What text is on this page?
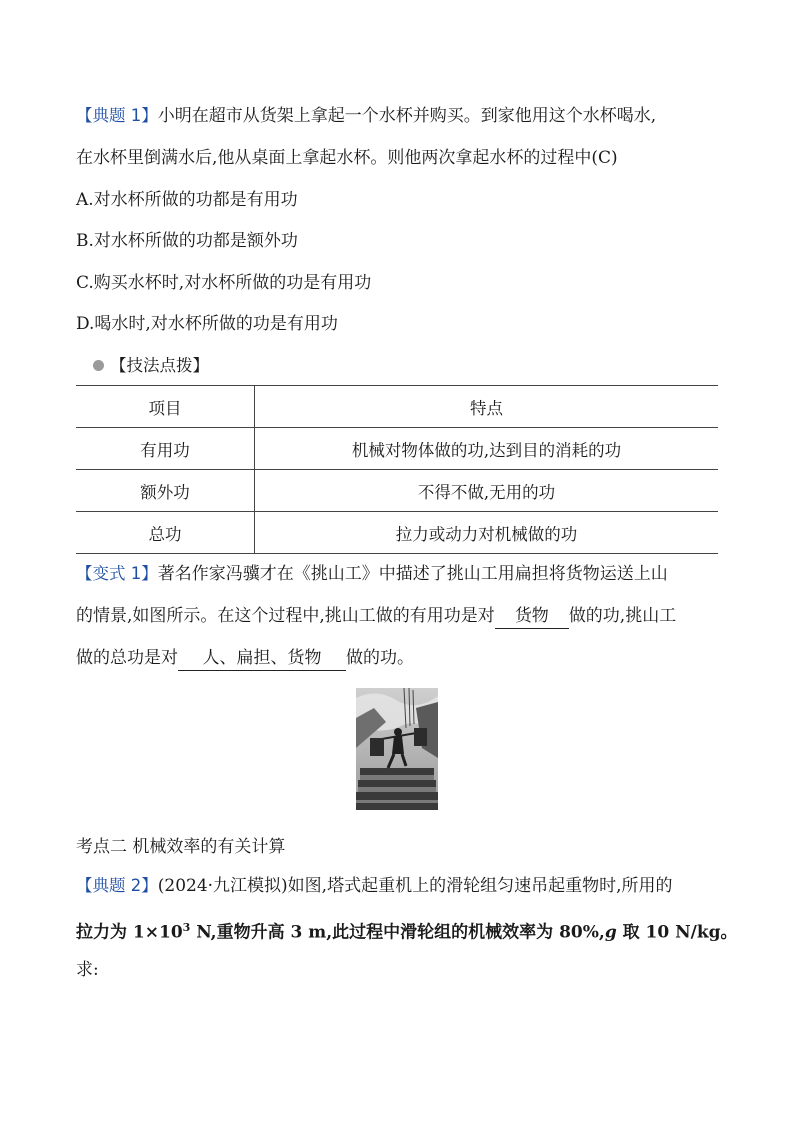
【典题 1】小明在超市从货架上拿起一个水杯并购买。到家他用这个水杯喝水,
在水杯里倒满水后,他从桌面上拿起水杯。则他两次拿起水杯的过程中(C)
A.对水杯所做的功都是有用功
B.对水杯所做的功都是额外功
C.购买水杯时,对水杯所做的功是有用功
D.喝水时,对水杯所做的功是有用功
【技法点拨】
项目	特点
有用功	机械对物体做的功,达到目的消耗的功
额外功	不得不做,无用的功
总功	拉力或动力对机械做的功
【变式 1】著名作家冯骥才在《挑山工》中描述了挑山工用扁担将货物运送上山
的情景,如图所示。在这个过程中,挑山工做的有用功是对 货物 做的功,挑山工
做的总功是对 人、扁担、货物 做的功。
考点二 机械效率的有关计算
【典题 2】(2024·九江模拟)如图,塔式起重机上的滑轮组匀速吊起重物时,所用的
拉力为 $1\times 10^3$ N,重物升高 3 m,此过程中滑轮组的机械效率为 80%,g 取 10 N/kg。
求:
